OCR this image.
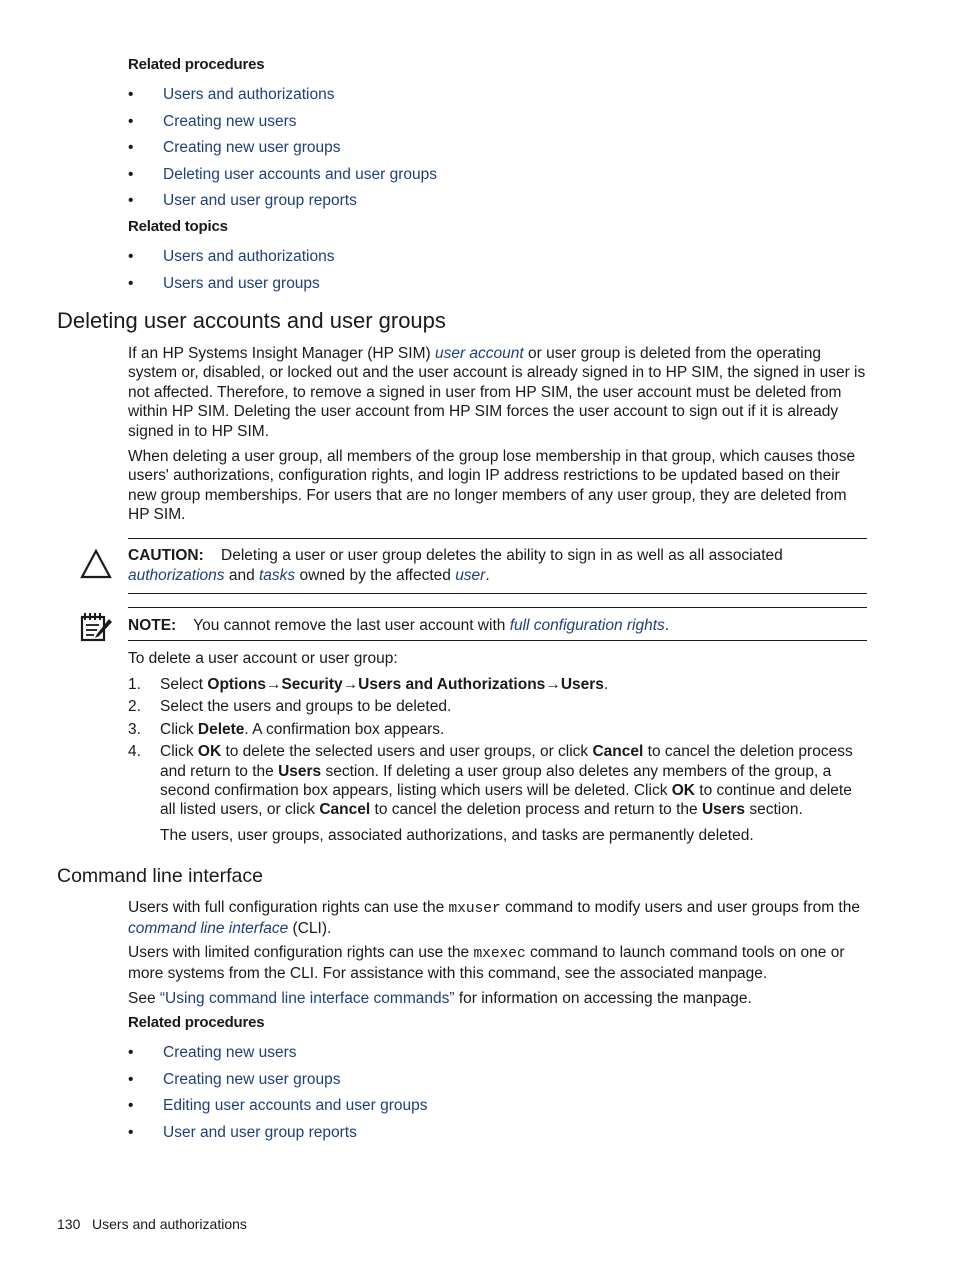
Related procedures
• Users and authorizations
• Creating new users
• Creating new user groups
• Deleting user accounts and user groups
• User and user group reports
Related topics
• Users and authorizations
• Users and user groups
Deleting user accounts and user groups

If an HP Systems Insight Manager (HP SIM) user account or user group is deleted from the operating system or, disabled, or locked out and the user account is already signed in to HP SIM, the signed in user is not affected. Therefore, to remove a signed in user from HP SIM, the user account must be deleted from within HP SIM. Deleting the user account from HP SIM forces the user account to sign out if it is already signed in to HP SIM.

When deleting a user group, all members of the group lose membership in that group, which causes those users' authorizations, configuration rights, and login IP address restrictions to be updated based on their new group memberships. For users that are no longer members of any user group, they are deleted from HP SIM.

CAUTION: Deleting a user or user group deletes the ability to sign in as well as all associated authorizations and tasks owned by the affected user.
NOTE: You cannot remove the last user account with full configuration rights.

To delete a user account or user group:

1. Select Options→Security→Users and Authorizations→Users.
2. Select the users and groups to be deleted.
3. Click Delete. A confirmation box appears.
4. Click OK to delete the selected users and user groups, or click Cancel to cancel the deletion process and return to the Users section. If deleting a user group also deletes any members of the group, a second confirmation box appears, listing which users will be deleted. Click OK to continue and delete all listed users, or click Cancel to cancel the deletion process and return to the Users section.

The users, user groups, associated authorizations, and tasks are permanently deleted.

Command line interface

Users with full configuration rights can use the mxuser command to modify users and user groups from the command line interface (CLI).

Users with limited configuration rights can use the mxexec command to launch command tools on one or more systems from the CLI. For assistance with this command, see the associated manpage.

See “Using command line interface commands” for information on accessing the manpage.

Related procedures
• Creating new users
• Creating new user groups
• Editing user accounts and user groups
• User and user group reports
130 Users and authorizations
